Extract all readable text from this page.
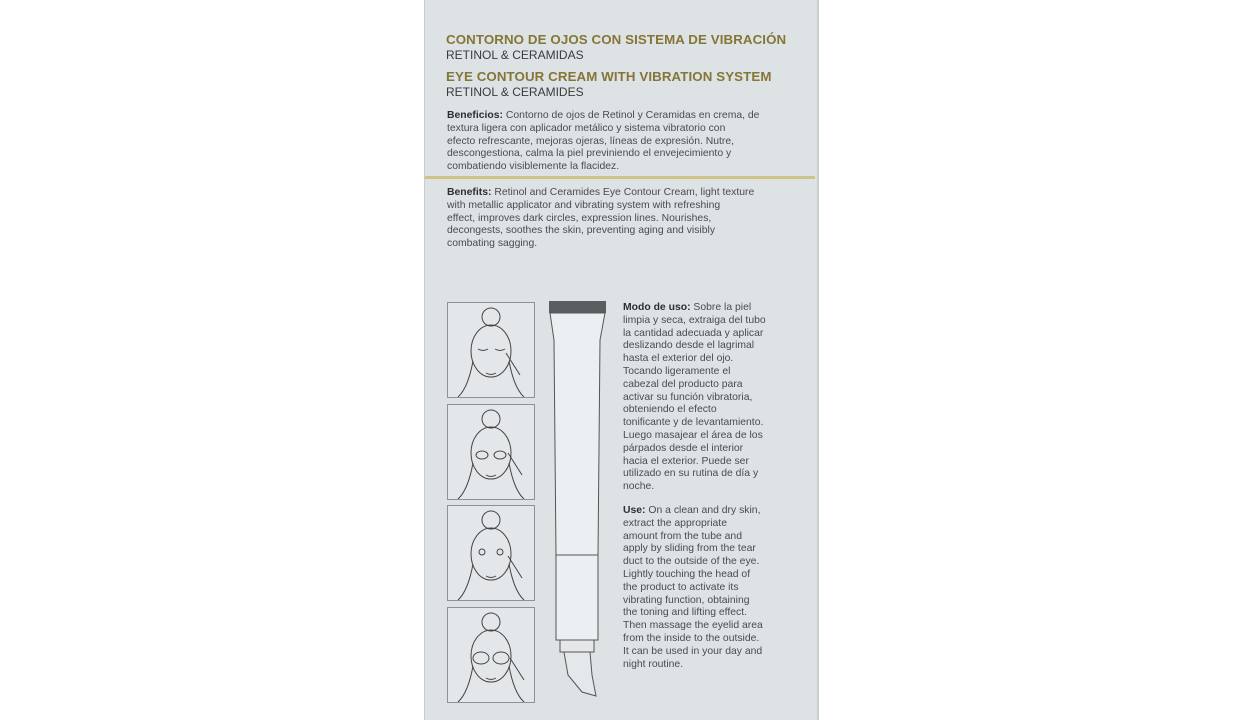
CONTORNO DE OJOS CON SISTEMA DE VIBRACIÓN
RETINOL & CERAMIDAS
EYE CONTOUR CREAM WITH VIBRATION SYSTEM
RETINOL & CERAMIDES
Beneficios: Contorno de ojos de Retinol y Ceramidas en crema, de
textura ligera con aplicador metálico y sistema vibratorio con
efecto refrescante, mejoras ojeras, líneas de expresión. Nutre,
descongestiona, calma la piel previniendo el envejecimiento y
combatiendo visiblemente la flacidez.
Benefits: Retinol and Ceramides Eye Contour Cream, light texture
with metallic applicator and vibrating system with refreshing
effect, improves dark circles, expression lines. Nourishes,
decongests, soothes the skin, preventing aging and visibly
combating sagging.
Modo de uso: Sobre la piel
limpia y seca, extraiga del tubo
la cantidad adecuada y aplicar
deslizando desde el lagrimal
hasta el exterior del ojo.
Tocando ligeramente el
cabezal del producto para
activar su función vibratoria,
obteniendo el efecto
tonificante y de levantamiento.
Luego masajear el área de los
párpados desde el interior
hacia el exterior. Puede ser
utilizado en su rutina de día y
noche.
Use: On a clean and dry skin,
extract the appropriate
amount from the tube and
apply by sliding from the tear
duct to the outside of the eye.
Lightly touching the head of
the product to activate its
vibrating function, obtaining
the toning and lifting effect.
Then massage the eyelid area
from the inside to the outside.
It can be used in your day and
night routine.
